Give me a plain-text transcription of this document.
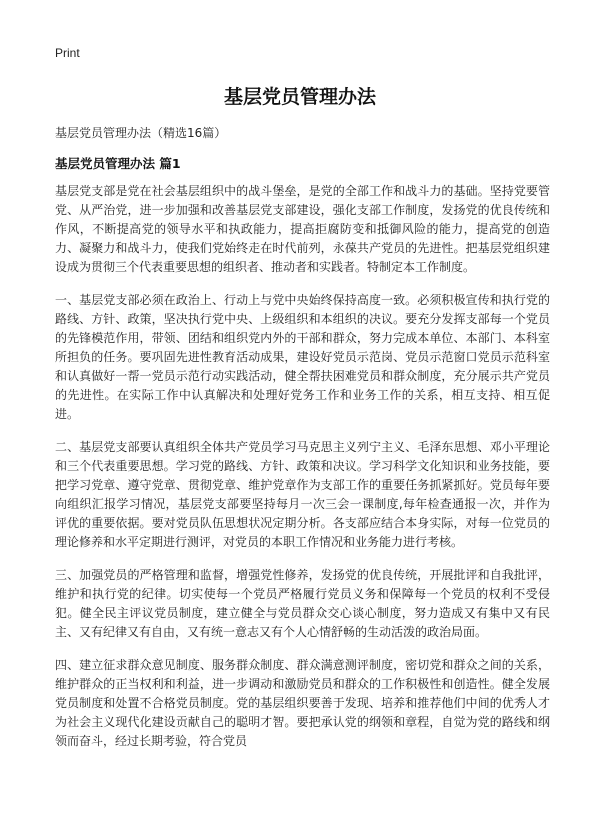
Print
基层党员管理办法
基层党员管理办法（精选16篇）
基层党员管理办法 篇1

基层党支部是党在社会基层组织中的战斗堡垒，是党的全部工作和战斗力的基础。坚持党要管党、从严治党，进一步加强和改善基层党支部建设，强化支部工作制度，发扬党的优良传统和作风，不断提高党的领导水平和执政能力，提高拒腐防变和抵御风险的能力，提高党的创造力、凝聚力和战斗力，使我们党始终走在时代前列，永葆共产党员的先进性。把基层党组织建设成为贯彻三个代表重要思想的组织者、推动者和实践者。特制定本工作制度。

一、基层党支部必须在政治上、行动上与党中央始终保持高度一致。必须积极宣传和执行党的路线、方针、政策，坚决执行党中央、上级组织和本组织的决议。要充分发挥支部每一个党员的先锋模范作用，带领、团结和组织党内外的干部和群众，努力完成本单位、本部门、本科室所担负的任务。要巩固先进性教育活动成果，建设好党员示范岗、党员示范窗口党员示范科室和认真做好一帮一党员示范行动实践活动，健全帮扶困难党员和群众制度，充分展示共产党员的先进性。在实际工作中认真解决和处理好党务工作和业务工作的关系，相互支持、相互促进。

二、基层党支部要认真组织全体共产党员学习马克思主义列宁主义、毛泽东思想、邓小平理论和三个代表重要思想。学习党的路线、方针、政策和决议。学习科学文化知识和业务技能，要把学习党章、遵守党章、贯彻党章、维护党章作为支部工作的重要任务抓紧抓好。党员每年要向组织汇报学习情况，基层党支部要坚持每月一次三会一课制度,每年检查通报一次，并作为评优的重要依据。要对党员队伍思想状况定期分析。各支部应结合本身实际，对每一位党员的理论修养和水平定期进行测评，对党员的本职工作情况和业务能力进行考核。

三、加强党员的严格管理和监督，增强党性修养，发扬党的优良传统，开展批评和自我批评，维护和执行党的纪律。切实使每一个党员严格履行党员义务和保障每一个党员的权利不受侵犯。健全民主评议党员制度，建立健全与党员群众交心谈心制度，努力造成又有集中又有民主、又有纪律又有自由，又有统一意志又有个人心情舒畅的生动活泼的政治局面。

四、建立征求群众意见制度、服务群众制度、群众满意测评制度，密切党和群众之间的关系，维护群众的正当权利和利益，进一步调动和激励党员和群众的工作积极性和创造性。健全发展党员制度和处置不合格党员制度。党的基层组织要善于发现、培养和推荐他们中间的优秀人才为社会主义现代化建设贡献自己的聪明才智。要把承认党的纲领和章程，自觉为党的路线和纲领而奋斗，经过长期考验，符合党员
